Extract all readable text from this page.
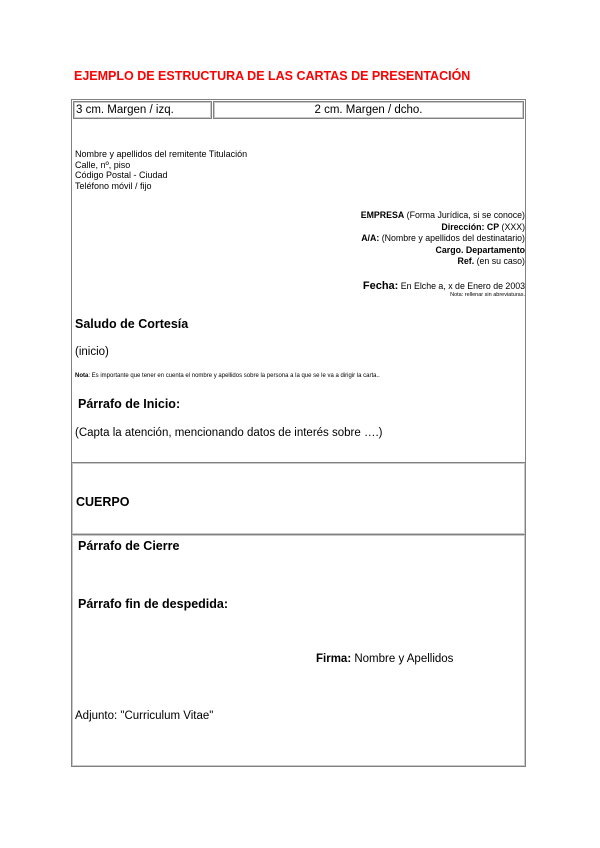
EJEMPLO DE ESTRUCTURA DE LAS CARTAS DE PRESENTACIÓN
3 cm. Margen / izq.	2 cm. Margen / dcho.
Nombre y apellidos del remitente Titulación
Calle, nº, piso
Código Postal - Ciudad
Teléfono móvil / fijo
EMPRESA (Forma Jurídica, si se conoce)
Dirección: CP (XXX)
A/A: (Nombre y apellidos del destinatario)
Cargo. Departamento
Ref. (en su caso)
Fecha: En Elche a, x de Enero de 2003
Nota: rellenar sin abreviaturas.
Saludo de Cortesía
(inicio)
Nota: Es importante que tener en cuenta el nombre y apellidos sobre la persona a la que se le va a dirigir la carta..
Párrafo de Inicio:
(Capta la atención, mencionando datos de interés sobre ….)
CUERPO
Párrafo de Cierre
Párrafo fin de despedida:
Firma: Nombre y Apellidos
Adjunto: "Curriculum Vitae"
